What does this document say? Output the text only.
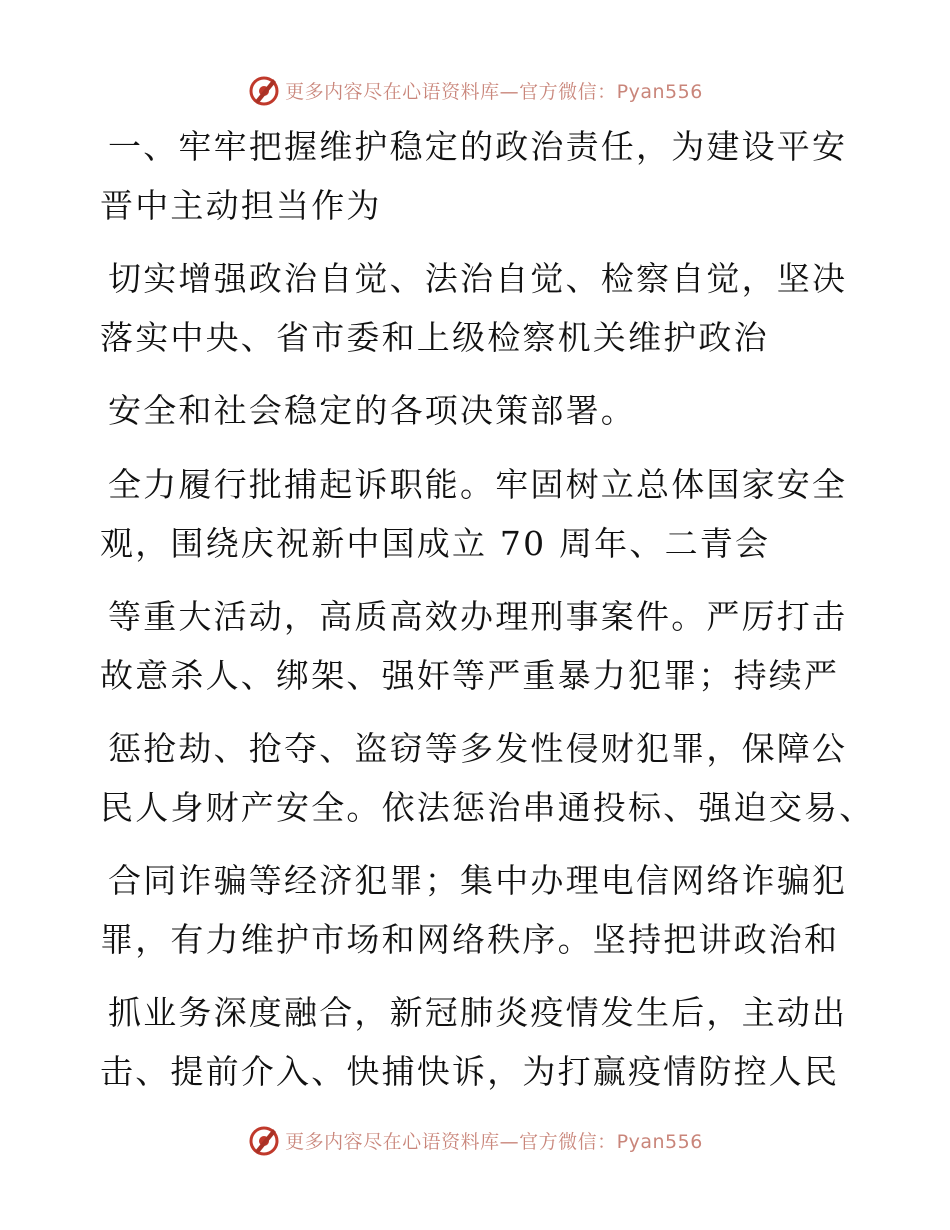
更多内容尽在心语资料库—官方微信：Pyan556
一、牢牢把握维护稳定的政治责任，为建设平安
晋中主动担当作为
切实增强政治自觉、法治自觉、检察自觉，坚决
落实中央、省市委和上级检察机关维护政治
安全和社会稳定的各项决策部署。
全力履行批捕起诉职能。牢固树立总体国家安全
观，围绕庆祝新中国成立 70 周年、二青会
等重大活动，高质高效办理刑事案件。严厉打击
故意杀人、绑架、强奸等严重暴力犯罪；持续严
惩抢劫、抢夺、盗窃等多发性侵财犯罪，保障公
民人身财产安全。依法惩治串通投标、强迫交易、
合同诈骗等经济犯罪；集中办理电信网络诈骗犯
罪，有力维护市场和网络秩序。坚持把讲政治和
抓业务深度融合，新冠肺炎疫情发生后，主动出
击、提前介入、快捕快诉，为打赢疫情防控人民
更多内容尽在心语资料库—官方微信：Pyan556
